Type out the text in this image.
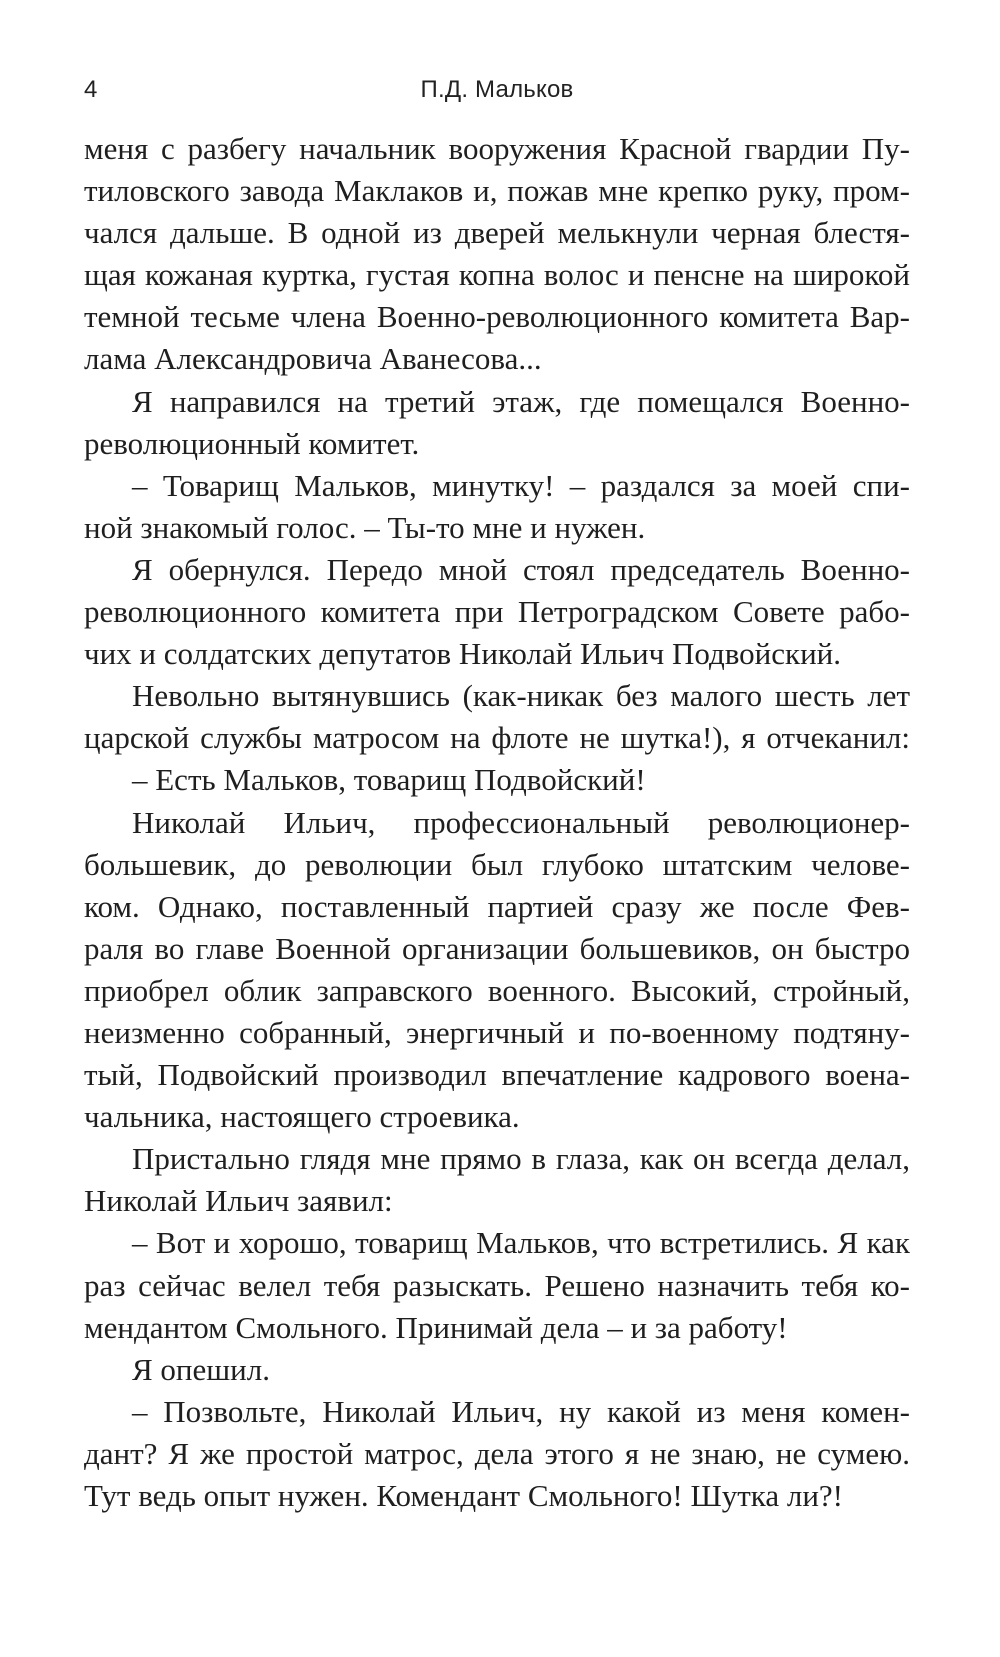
4	П.Д. Мальков
меня с разбегу начальник вооружения Красной гвардии Пу-
тиловского завода Маклаков и, пожав мне крепко руку, пром-
чался дальше. В одной из дверей мелькнули черная блестя-
щая кожаная куртка, густая копна волос и пенсне на широкой
темной тесьме члена Военно-революционного комитета Вар-
лама Александровича Аванесова...
Я направился на третий этаж, где помещался Военно-
революционный комитет.
– Товарищ Мальков, минутку! – раздался за моей спи-
ной знакомый голос. – Ты-то мне и нужен.
Я обернулся. Передо мной стоял председатель Военно-
революционного комитета при Петроградском Совете рабо-
чих и солдатских депутатов Николай Ильич Подвойский.
Невольно вытянувшись (как-никак без малого шесть лет
царской службы матросом на флоте не шутка!), я отчеканил:
– Есть Мальков, товарищ Подвойский!
Николай Ильич, профессиональный революционер-
большевик, до революции был глубоко штатским челове-
ком. Однако, поставленный партией сразу же после Фев-
раля во главе Военной организации большевиков, он быстро
приобрел облик заправского военного. Высокий, стройный,
неизменно собранный, энергичный и по-военному подтяну-
тый, Подвойский производил впечатление кадрового воена-
чальника, настоящего строевика.
Пристально глядя мне прямо в глаза, как он всегда делал,
Николай Ильич заявил:
– Вот и хорошо, товарищ Мальков, что встретились. Я как
раз сейчас велел тебя разыскать. Решено назначить тебя ко-
мендантом Смольного. Принимай дела – и за работу!
Я опешил.
– Позвольте, Николай Ильич, ну какой из меня комен-
дант? Я же простой матрос, дела этого я не знаю, не сумею.
Тут ведь опыт нужен. Комендант Смольного! Шутка ли?!
